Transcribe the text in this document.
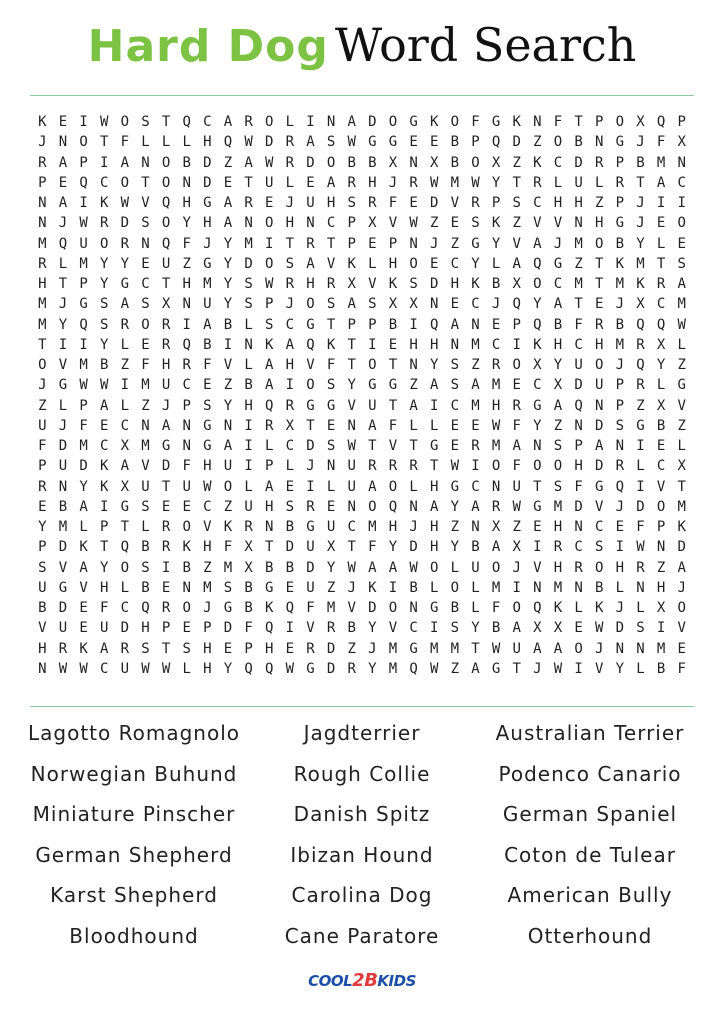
Hard Dog Word Search
K E I W O S T Q C A R O L I N A D O G K O F G K N F T P O X Q P
J N O T F L L L H Q W D R A S W G G E E B P Q D Z O B N G J F X
R A P I A N O B D Z A W R D O B B X N X B O X Z K C D R P B M N
P E Q C O T O N D E T U L E A R H J R W M W Y T R L U L R T A C
N A I K W V Q H G A R E J U H S R F E D V R P S C H H Z P J I I
N J W R D S O Y H A N O H N C P X V W Z E S K Z V V N H G J E O
M Q U O R N Q F J Y M I T R T P E P N J Z G Y V A J M O B Y L E
R L M Y Y E U Z G Y D O S A V K L H O E C Y L A Q G Z T K M T S
H T P Y G C T H M Y S W R H R X V K S D H K B X O C M T M K R A
M J G S A S X N U Y S P J O S A S X X N E C J Q Y A T E J X C M
M Y Q S R O R I A B L S C G T P P B I Q A N E P Q B F R B Q Q W
T I I Y L E R Q B I N K A Q K T I E H H N M C I K H C H M R X L
O V M B Z F H R F V L A H V F T O T N Y S Z R O X Y U O J Q Y Z
J G W W I M U C E Z B A I O S Y G G Z A S A M E C X D U P R L G
Z L P A L Z J P S Y H Q R G G V U T A I C M H R G A Q N P Z X V
U J F E C N A N G N I R X T E N A F L L E E W F Y Z N D S G B Z
F D M C X M G N G A I L C D S W T V T G E R M A N S P A N I E L
P U D K A V D F H U I P L J N U R R R T W I O F O O H D R L C X
R N Y K X U T U W O L A E I L U A O L H G C N U T S F G Q I V T
E B A I G S E E C Z U H S R E N O Q N A Y A R W G M D V J D O M
Y M L P T L R O V K R N B G U C M H J H Z N X Z E H N C E F P K
P D K T Q B R K H F X T D U X T F Y D H Y B A X I R C S I W N D
S V A Y O S I B Z M X B B D Y W A A W O L U O J V H R O H R Z A
U G V H L B E N M S B G E U Z J K I B L O L M I N M N B L N H J
B D E F C Q R O J G B K Q F M V D O N G B L F O Q K L K J L X O
V U E U D H P E P D F Q I V R B Y V C I S Y B A X X E W D S I V
H R K A R S T S H E P H E R D Z J M G M M T W U A A O J N N M E
N W W C U W W L H Y Q Q W G D R Y M Q W Z A G T J W I V Y L B F
Lagotto Romagnolo	Jagdterrier	Australian Terrier
Norwegian Buhund	Rough Collie	Podenco Canario
Miniature Pinscher	Danish Spitz	German Spaniel
German Shepherd	Ibizan Hound	Coton de Tulear
Karst Shepherd	Carolina Dog	American Bully
Bloodhound	Cane Paratore	Otterhound
COOL2BKIDS
